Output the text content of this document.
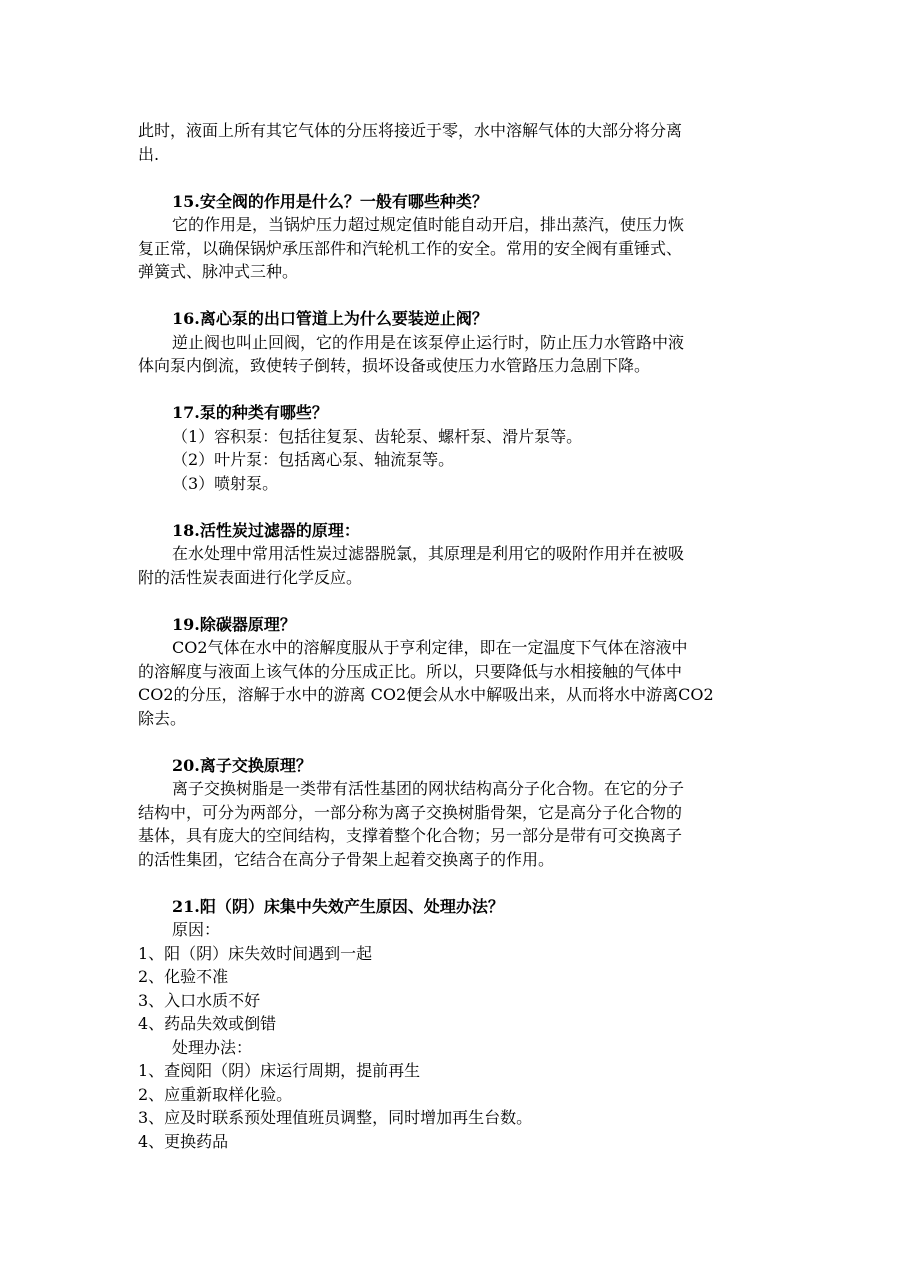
此时，液面上所有其它气体的分压将接近于零，水中溶解气体的大部分将分离

出.

15.安全阀的作用是什么？一般有哪些种类？

它的作用是，当锅炉压力超过规定值时能自动开启，排出蒸汽，使压力恢

复正常，以确保锅炉承压部件和汽轮机工作的安全。常用的安全阀有重锤式、

弹簧式、脉冲式三种。

16.离心泵的出口管道上为什么要装逆止阀？

逆止阀也叫止回阀，它的作用是在该泵停止运行时，防止压力水管路中液

体向泵内倒流，致使转子倒转，损坏设备或使压力水管路压力急剧下降。

17.泵的种类有哪些？

（1）容积泵：包括往复泵、齿轮泵、螺杆泵、滑片泵等。

（2）叶片泵：包括离心泵、轴流泵等。

（3）喷射泵。

18.活性炭过滤器的原理：

在水处理中常用活性炭过滤器脱氯，其原理是利用它的吸附作用并在被吸

附的活性炭表面进行化学反应。

19.除碳器原理？

CO2气体在水中的溶解度服从于亨利定律，即在一定温度下气体在溶液中

的溶解度与液面上该气体的分压成正比。所以，只要降低与水相接触的气体中

CO2的分压，溶解于水中的游离 CO2便会从水中解吸出来，从而将水中游离CO2

除去。

20.离子交换原理？

离子交换树脂是一类带有活性基团的网状结构高分子化合物。在它的分子

结构中，可分为两部分，一部分称为离子交换树脂骨架，它是高分子化合物的

基体，具有庞大的空间结构，支撑着整个化合物；另一部分是带有可交换离子

的活性集团，它结合在高分子骨架上起着交换离子的作用。

21.阳（阴）床集中失效产生原因、处理办法？

原因：

1、阳（阴）床失效时间遇到一起

2、化验不准

3、入口水质不好

4、药品失效或倒错

处理办法：

1、查阅阳（阴）床运行周期，提前再生

2、应重新取样化验。

3、应及时联系预处理值班员调整，同时增加再生台数。

4、更换药品
